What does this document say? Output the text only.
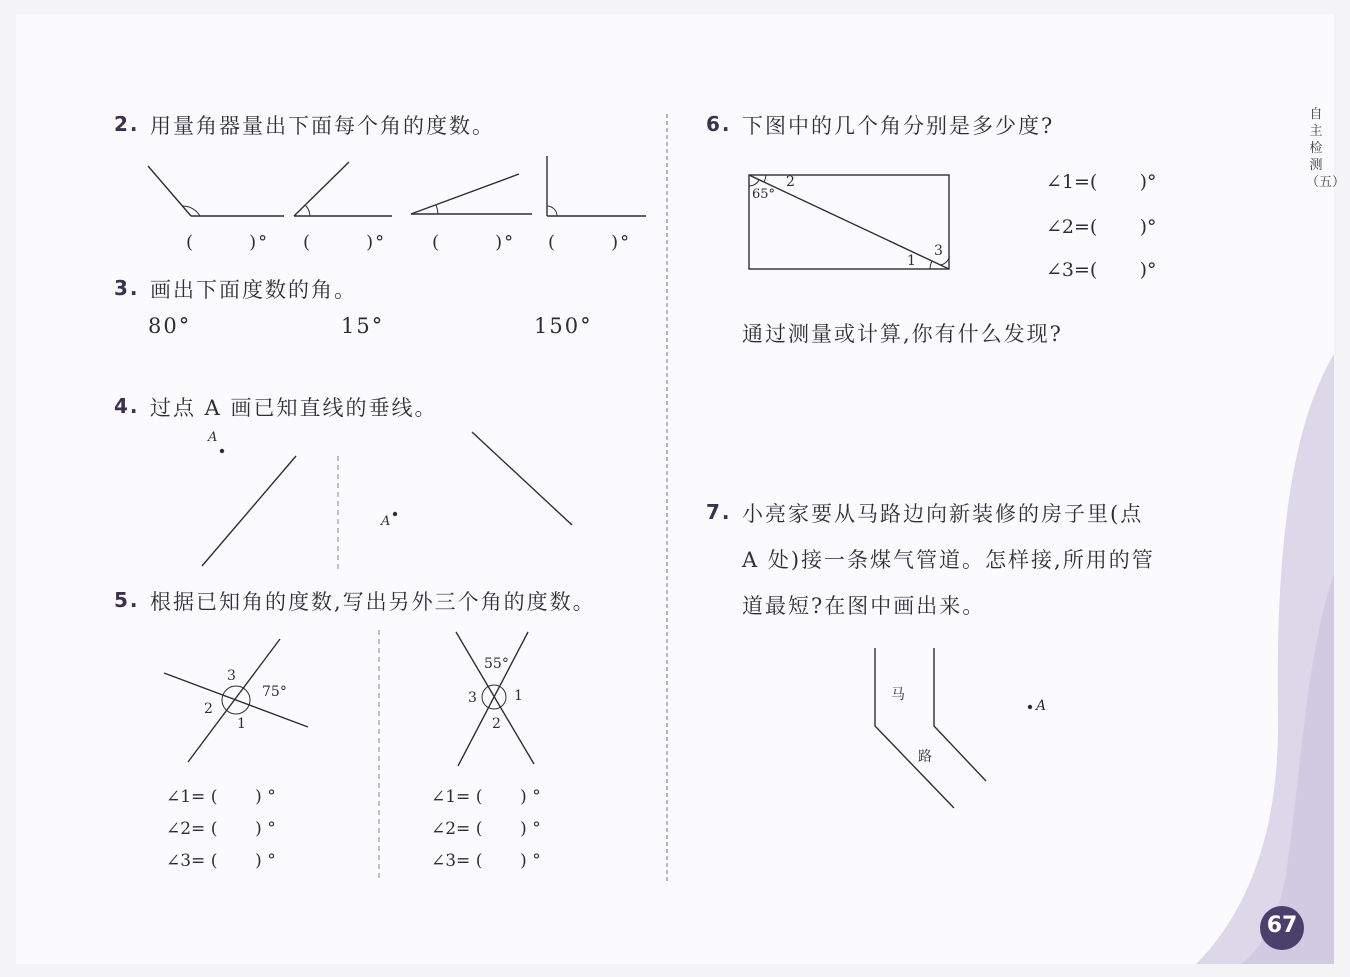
2. 用量角器量出下面每个角的度数。
(       )° (       )°	(       )° (       )°
3. 画出下面度数的角。
80°	15°	150°
4. 过点 A 画已知直线的垂线。
A
A
5. 根据已知角的度数,写出另外三个角的度数。
3
75°
2
1
55°
3	1
2
∠1= (       ) °
∠2= (       ) °
∠3= (       ) °
∠1= (       ) °
∠2= (       ) °
∠3= (       ) °
6. 下图中的几个角分别是多少度?
65°
2
3
1
∠1=(       )°
∠2=(       )°
∠3=(       )°
通过测量或计算,你有什么发现?
7. 小亮家要从马路边向新装修的房子里(点
A 处)接一条煤气管道。怎样接,所用的管
道最短?在图中画出来。
马
路
A
自主检测（五）
67
